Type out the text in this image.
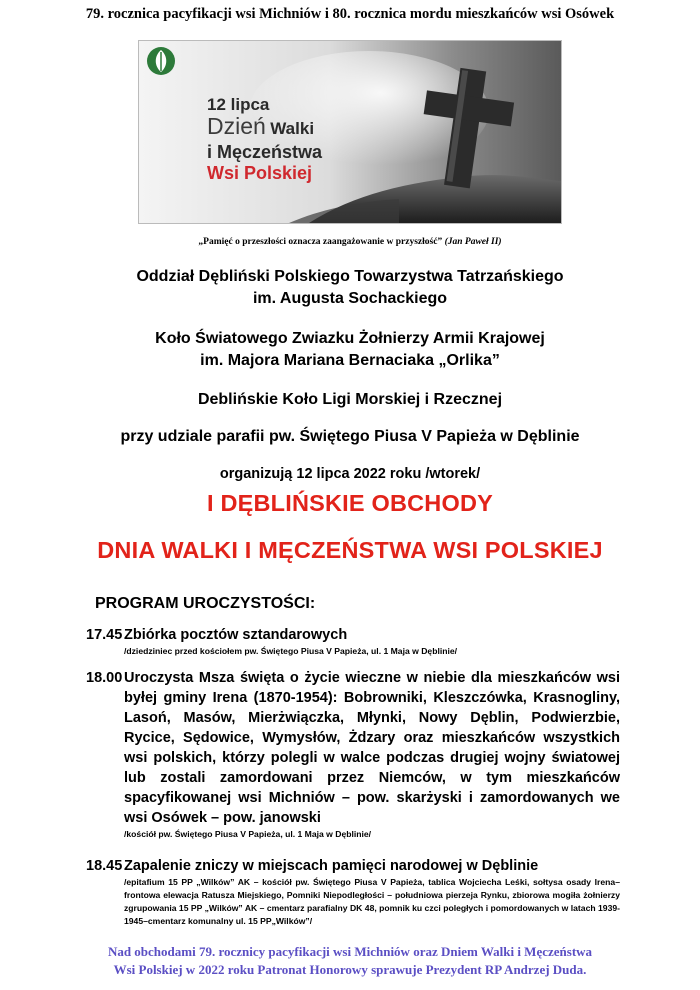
79. rocznica pacyfikacji wsi Michniów i 80. rocznica mordu mieszkańców wsi Osówek
12 lipca
Dzień Walki
i Męczeństwa
Wsi Polskiej
„Pamięć o przeszłości oznacza zaangażowanie w przyszłość” (Jan Paweł II)
Oddział Dębliński Polskiego Towarzystwa Tatrzańskiego
im. Augusta Sochackiego
Koło Światowego Zwiazku Żołnierzy Armii Krajowej
im. Majora Mariana Bernaciaka „Orlika”
Deblińskie Koło Ligi Morskiej i Rzecznej
przy udziale parafii pw. Świętego Piusa V Papieża w Dęblinie
organizują 12 lipca 2022 roku /wtorek/
I DĘBLIŃSKIE OBCHODY
DNIA WALKI I MĘCZEŃSTWA WSI POLSKIEJ
PROGRAM UROCZYSTOŚCI:
17.45 Zbiórka pocztów sztandarowych
/dziedziniec przed kościołem pw. Świętego Piusa V Papieża, ul. 1 Maja w Dęblinie/
18.00 Uroczysta Msza święta o życie wieczne w niebie dla mieszkańców wsi byłej gminy Irena (1870-1954): Bobrowniki, Kleszczówka, Krasnogliny, Lasoń, Masów, Mierżwiączka, Młynki, Nowy Dęblin, Podwierzbie, Rycice, Sędowice, Wymysłów, Żdzary oraz mieszkańców wszystkich wsi polskich, którzy polegli w walce podczas drugiej wojny światowej lub zostali zamordowani przez Niemców, w tym mieszkańców spacyfikowanej wsi Michniów – pow. skarżyski i zamordowanych we wsi Osówek – pow. janowski
/kościół pw. Świętego Piusa V Papieża, ul. 1 Maja w Dęblinie/
18.45 Zapalenie zniczy w miejscach pamięci narodowej w Dęblinie
/epitafium 15 PP „Wilków” AK – kościół pw. Świętego Piusa V Papieża, tablica Wojciecha Leśki, sołtysa osady Irena– frontowa elewacja Ratusza Miejskiego, Pomniki Niepodległości – południowa pierzeja Rynku, zbiorowa mogiła żołnierzy zgrupowania 15 PP „Wilków” AK – cmentarz parafialny DK 48, pomnik ku czci poległych i pomordowanych w latach 1939-1945–cmentarz komunalny ul. 15 PP„Wilków”/
Nad obchodami 79. rocznicy pacyfikacji wsi Michniów oraz Dniem Walki i Męczeństwa
Wsi Polskiej w 2022 roku Patronat Honorowy sprawuje Prezydent RP Andrzej Duda.
